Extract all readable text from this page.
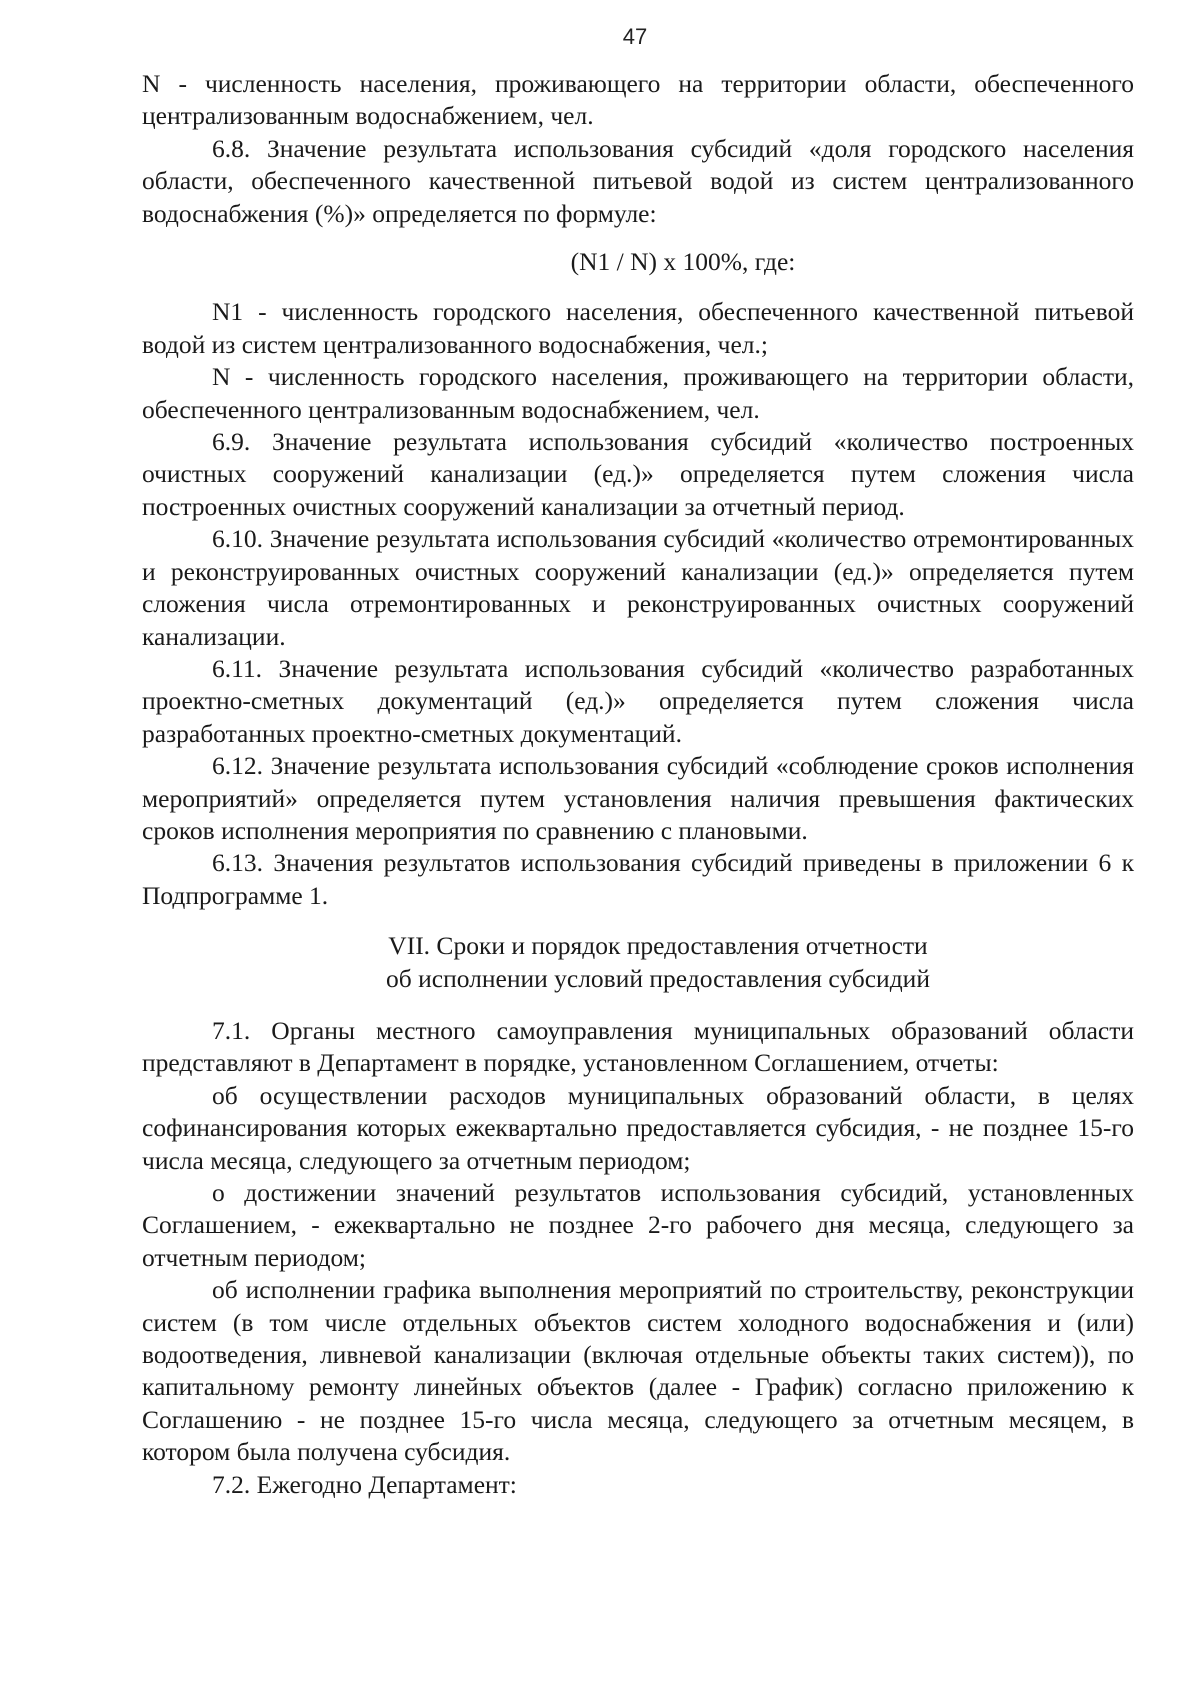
47

N - численность населения, проживающего на территории области, обеспеченного централизованным водоснабжением, чел.

6.8. Значение результата использования субсидий «доля городского населения области, обеспеченного качественной питьевой водой из систем централизованного водоснабжения (%)» определяется по формуле:

(N1 / N) x 100%, где:

N1 - численность городского населения, обеспеченного качественной питьевой водой из систем централизованного водоснабжения, чел.;

N - численность городского населения, проживающего на территории области, обеспеченного централизованным водоснабжением, чел.

6.9. Значение результата использования субсидий «количество построенных очистных сооружений канализации (ед.)» определяется путем сложения числа построенных очистных сооружений канализации за отчетный период.

6.10. Значение результата использования субсидий «количество отремонтированных и реконструированных очистных сооружений канализации (ед.)» определяется путем сложения числа отремонтированных и реконструированных очистных сооружений канализации.

6.11. Значение результата использования субсидий «количество разработанных проектно-сметных документаций (ед.)» определяется путем сложения числа разработанных проектно-сметных документаций.

6.12. Значение результата использования субсидий «соблюдение сроков исполнения мероприятий» определяется путем установления наличия превышения фактических сроков исполнения мероприятия по сравнению с плановыми.

6.13. Значения результатов использования субсидий приведены в приложении 6 к Подпрограмме 1.

VII. Сроки и порядок предоставления отчетности
об исполнении условий предоставления субсидий

7.1. Органы местного самоуправления муниципальных образований области представляют в Департамент в порядке, установленном Соглашением, отчеты:

об осуществлении расходов муниципальных образований области, в целях софинансирования которых ежеквартально предоставляется субсидия, - не позднее 15-го числа месяца, следующего за отчетным периодом;

о достижении значений результатов использования субсидий, установленных Соглашением, - ежеквартально не позднее 2-го рабочего дня месяца, следующего за отчетным периодом;

об исполнении графика выполнения мероприятий по строительству, реконструкции систем (в том числе отдельных объектов систем холодного водоснабжения и (или) водоотведения, ливневой канализации (включая отдельные объекты таких систем)), по капитальному ремонту линейных объектов (далее - График) согласно приложению к Соглашению - не позднее 15-го числа месяца, следующего за отчетным месяцем, в котором была получена субсидия.

7.2. Ежегодно Департамент:
